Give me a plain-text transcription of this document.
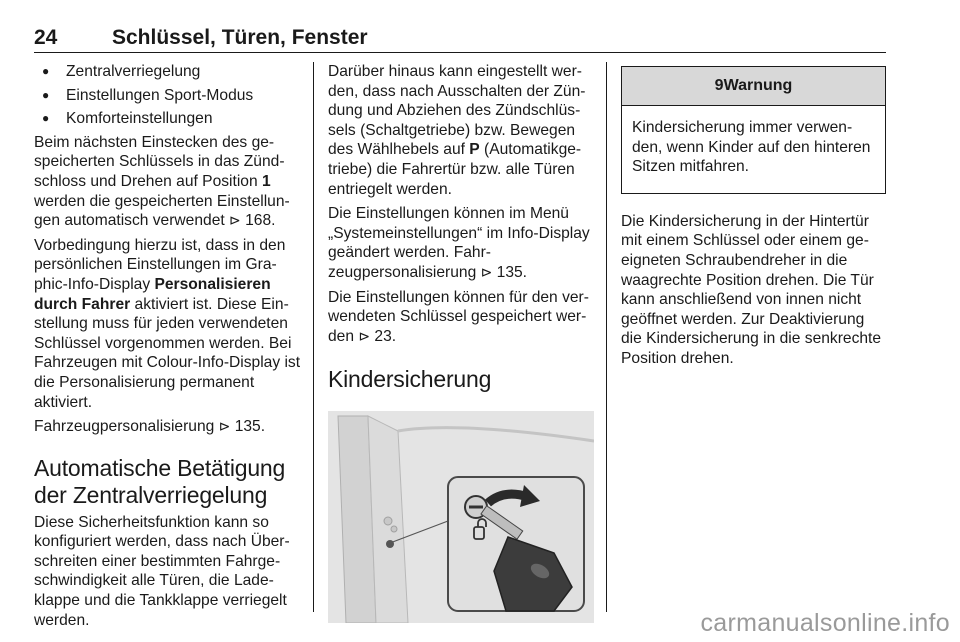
24	Schlüssel, Türen, Fenster
● Zentralverriegelung
● Einstellungen Sport-Modus
● Komforteinstellungen

Beim nächsten Einstecken des gespeicherten Schlüssels in das Zündschloss und Drehen auf Position 1 werden die gespeicherten Einstellungen automatisch verwendet ⊳ 168.

Vorbedingung hierzu ist, dass in den persönlichen Einstellungen im Graphic-Info-Display Personalisieren durch Fahrer aktiviert ist. Diese Einstellung muss für jeden verwendeten Schlüssel vorgenommen werden. Bei Fahrzeugen mit Colour-Info-Display ist die Personalisierung permanent aktiviert.

Fahrzeugpersonalisierung ⊳ 135.

Automatische Betätigung der Zentralverriegelung

Diese Sicherheitsfunktion kann so konfiguriert werden, dass nach Überschreiten einer bestimmten Fahrgeschwindigkeit alle Türen, die Ladeklappe und die Tankklappe verriegelt werden.

Darüber hinaus kann eingestellt werden, dass nach Ausschalten der Zündung und Abziehen des Zündschlüssels (Schaltgetriebe) bzw. Bewegen des Wählhebels auf P (Automatikgetriebe) die Fahrertür bzw. alle Türen entriegelt werden.

Die Einstellungen können im Menü „Systemeinstellungen“ im Info-Display geändert werden. Fahrzeugpersonalisierung ⊳ 135.

Die Einstellungen können für den verwendeten Schlüssel gespeichert werden ⊳ 23.

Kindersicherung
9Warnung
Kindersicherung immer verwenden, wenn Kinder auf den hinteren Sitzen mitfahren.

Die Kindersicherung in der Hintertür mit einem Schlüssel oder einem geeigneten Schraubendreher in die waagrechte Position drehen. Die Tür kann anschließend von innen nicht geöffnet werden. Zur Deaktivierung die Kindersicherung in die senkrechte Position drehen.

carmanualsonline.info
